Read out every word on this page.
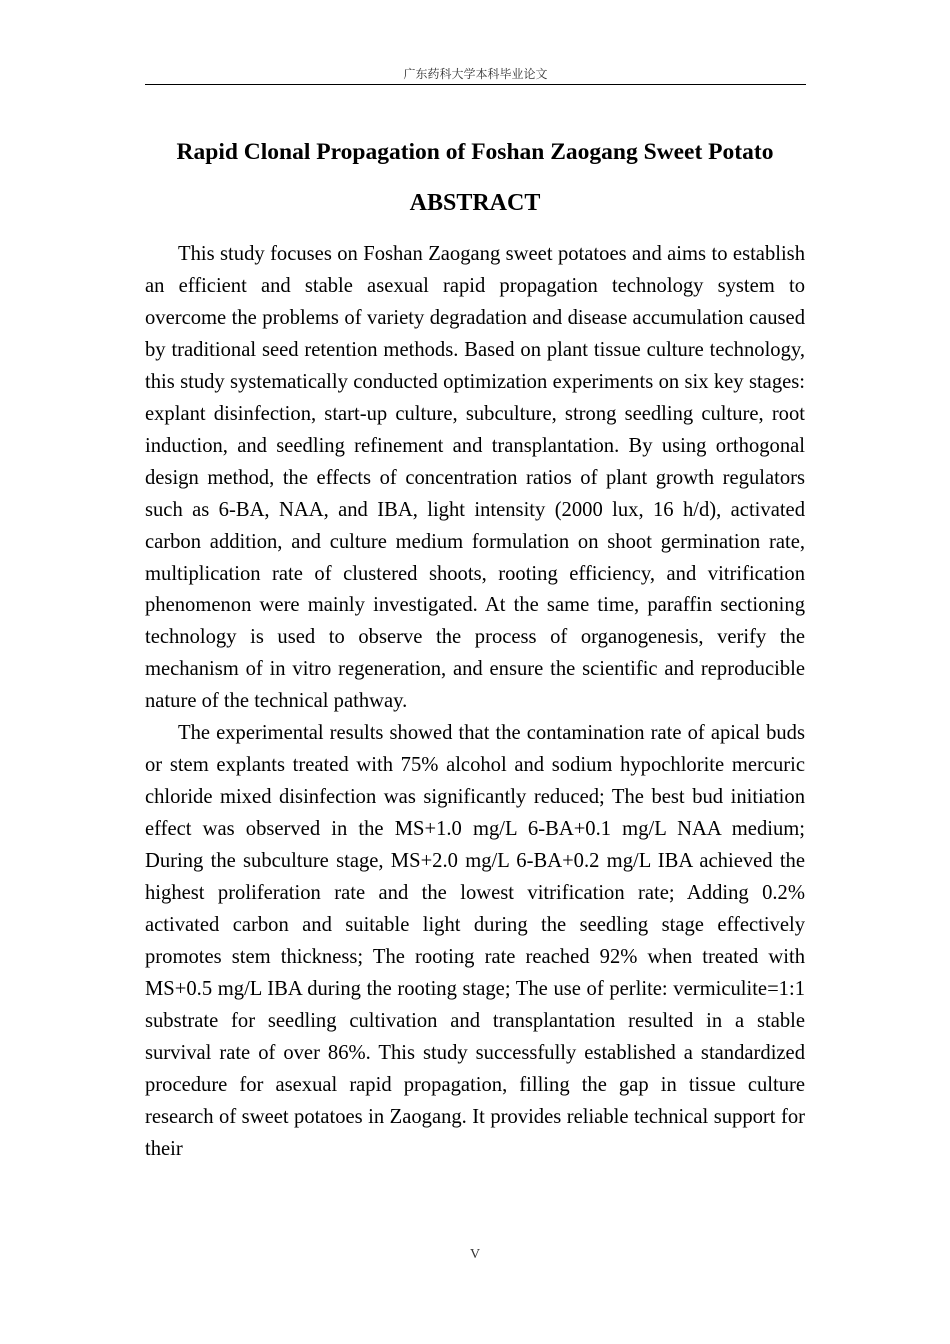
广东药科大学本科毕业论文
Rapid Clonal Propagation of Foshan Zaogang Sweet Potato
ABSTRACT

This study focuses on Foshan Zaogang sweet potatoes and aims to establish an efficient and stable asexual rapid propagation technology system to overcome the problems of variety degradation and disease accumulation caused by traditional seed retention methods. Based on plant tissue culture technology, this study systematically conducted optimization experiments on six key stages: explant disinfection, start-up culture, subculture, strong seedling culture, root induction, and seedling refinement and transplantation. By using orthogonal design method, the effects of concentration ratios of plant growth regulators such as 6-BA, NAA, and IBA, light intensity (2000 lux, 16 h/d), activated carbon addition, and culture medium formulation on shoot germination rate, multiplication rate of clustered shoots, rooting efficiency, and vitrification phenomenon were mainly investigated. At the same time, paraffin sectioning technology is used to observe the process of organogenesis, verify the mechanism of in vitro regeneration, and ensure the scientific and reproducible nature of the technical pathway.

The experimental results showed that the contamination rate of apical buds or stem explants treated with 75% alcohol and sodium hypochlorite mercuric chloride mixed disinfection was significantly reduced; The best bud initiation effect was observed in the MS+1.0 mg/L 6-BA+0.1 mg/L NAA medium; During the subculture stage, MS+2.0 mg/L 6-BA+0.2 mg/L IBA achieved the highest proliferation rate and the lowest vitrification rate; Adding 0.2% activated carbon and suitable light during the seedling stage effectively promotes stem thickness; The rooting rate reached 92% when treated with MS+0.5 mg/L IBA during the rooting stage; The use of perlite: vermiculite=1:1 substrate for seedling cultivation and transplantation resulted in a stable survival rate of over 86%. This study successfully established a standardized procedure for asexual rapid propagation, filling the gap in tissue culture research of sweet potatoes in Zaogang. It provides reliable technical support for their

V
